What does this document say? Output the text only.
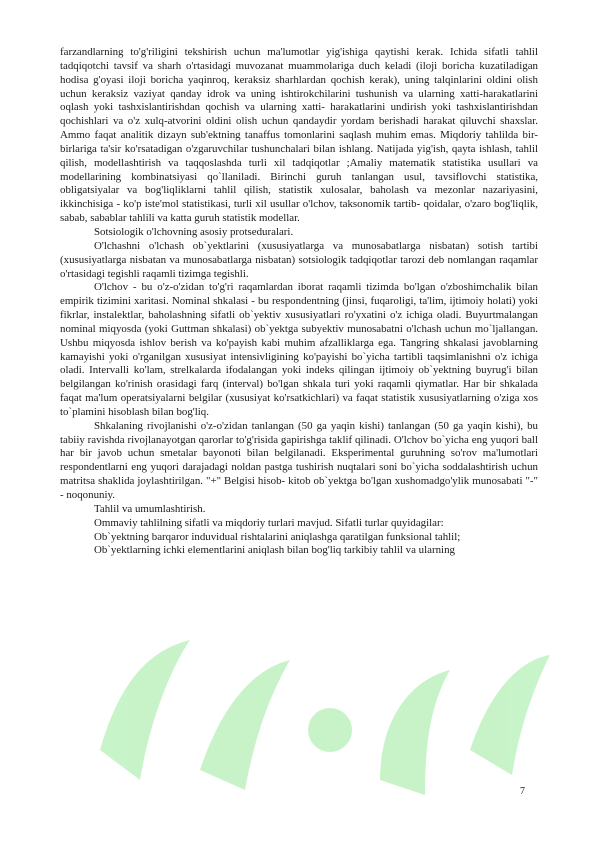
farzandlarning to'g'riligini tekshirish uchun ma'lumotlar yig'ishiga qaytishi kerak. Ichida sifatli tahlil tadqiqotchi tavsif va sharh o'rtasidagi muvozanat muammolariga duch keladi (iloji boricha kuzatiladigan hodisa g'oyasi iloji boricha yaqinroq, keraksiz sharhlardan qochish kerak), uning talqinlarini oldini olish uchun keraksiz vaziyat qanday idrok va uning ishtirokchilarini tushunish va ularning xatti-harakatlarini oqlash yoki tashxislantirishdan qochish va ularning xatti- harakatlarini undirish yoki tashxislantirishdan qochishlari va o'z xulq-atvorini oldini olish uchun qandaydir yordam berishadi harakat qiluvchi shaxslar. Ammo faqat analitik dizayn sub'ektning tanaffus tomonlarini saqlash muhim emas. Miqdoriy tahlilda bir-birlariga ta'sir ko'rsatadigan o'zgaruvchilar tushunchalari bilan ishlang. Natijada yig'ish, qayta ishlash, tahlil qilish, modellashtirish va taqqoslashda turli xil tadqiqotlar ;Amaliy matematik statistika usullari va modellarining kombinatsiyasi qo`llaniladi. Birinchi guruh tanlangan usul, tavsiflovchi statistika, obligatsiyalar va bog'liqliklarni tahlil qilish, statistik xulosalar, baholash va mezonlar nazariyasini, ikkinchisiga - ko'p iste'mol statistikasi, turli xil usullar o'lchov, taksonomik tartib- qoidalar, o'zaro bog'liqlik, sabab, sabablar tahlili va katta guruh statistik modellar.

Sotsiologik o'lchovning asosiy protseduralari.

O'lchashni o'lchash ob`yektlarini (xususiyatlarga va munosabatlarga nisbatan) sotish tartibi (xususiyatlarga nisbatan va munosabatlarga nisbatan) sotsiologik tadqiqotlar tarozi deb nomlangan raqamlar o'rtasidagi tegishli raqamli tizimga tegishli.

O'lchov - bu o'z-o'zidan to'g'ri raqamlardan iborat raqamli tizimda bo'lgan o'zboshimchalik bilan empirik tizimini xaritasi. Nominal shkalasi - bu respondentning (jinsi, fuqaroligi, ta'lim, ijtimoiy holati) yoki fikrlar, instalektlar, baholashning sifatli ob`yektiv xususiyatlari ro'yxatini o'z ichiga oladi. Buyurtmalangan nominal miqyosda (yoki Guttman shkalasi) ob`yektga subyektiv munosabatni o'lchash uchun mo`ljallangan. Ushbu miqyosda ishlov berish va ko'payish kabi muhim afzalliklarga ega. Tangring shkalasi javoblarning kamayishi yoki o'rganilgan xususiyat intensivligining ko'payishi bo`yicha tartibli taqsimlanishni o'z ichiga oladi. Intervalli ko'lam, strelkalarda ifodalangan yoki indeks qilingan ijtimoiy ob`yektning buyrug'i bilan belgilangan ko'rinish orasidagi farq (interval) bo'lgan shkala turi yoki raqamli qiymatlar. Har bir shkalada faqat ma'lum operatsiyalarni belgilar (xususiyat ko'rsatkichlari) va faqat statistik xususiyatlarning o'ziga xos to`plamini hisoblash bilan bog'liq.

Shkalaning rivojlanishi o'z-o'zidan tanlangan (50 ga yaqin kishi) tanlangan (50 ga yaqin kishi), bu tabiiy ravishda rivojlanayotgan qarorlar to'g'risida gapirishga taklif qilinadi. O'lchov bo`yicha eng yuqori ball har bir javob uchun smetalar bayonoti bilan belgilanadi. Eksperimental guruhning so'rov ma'lumotlari respondentlarni eng yuqori darajadagi noldan pastga tushirish nuqtalari soni bo`yicha soddalashtirish uchun matritsa shaklida joylashtirilgan. "+" Belgisi hisob- kitob ob`yektga bo'lgan xushomadgo'ylik munosabati "-" - noqonuniy.

Tahlil va umumlashtirish.

Ommaviy tahlilning sifatli va miqdoriy turlari mavjud. Sifatli turlar quyidagilar:

Ob`yektning barqaror induvidual rishtalarini aniqlashga qaratilgan funksional tahlil;

Ob`yektlarning ichki elementlarini aniqlash bilan bog'liq tarkibiy tahlil va ularning

7
